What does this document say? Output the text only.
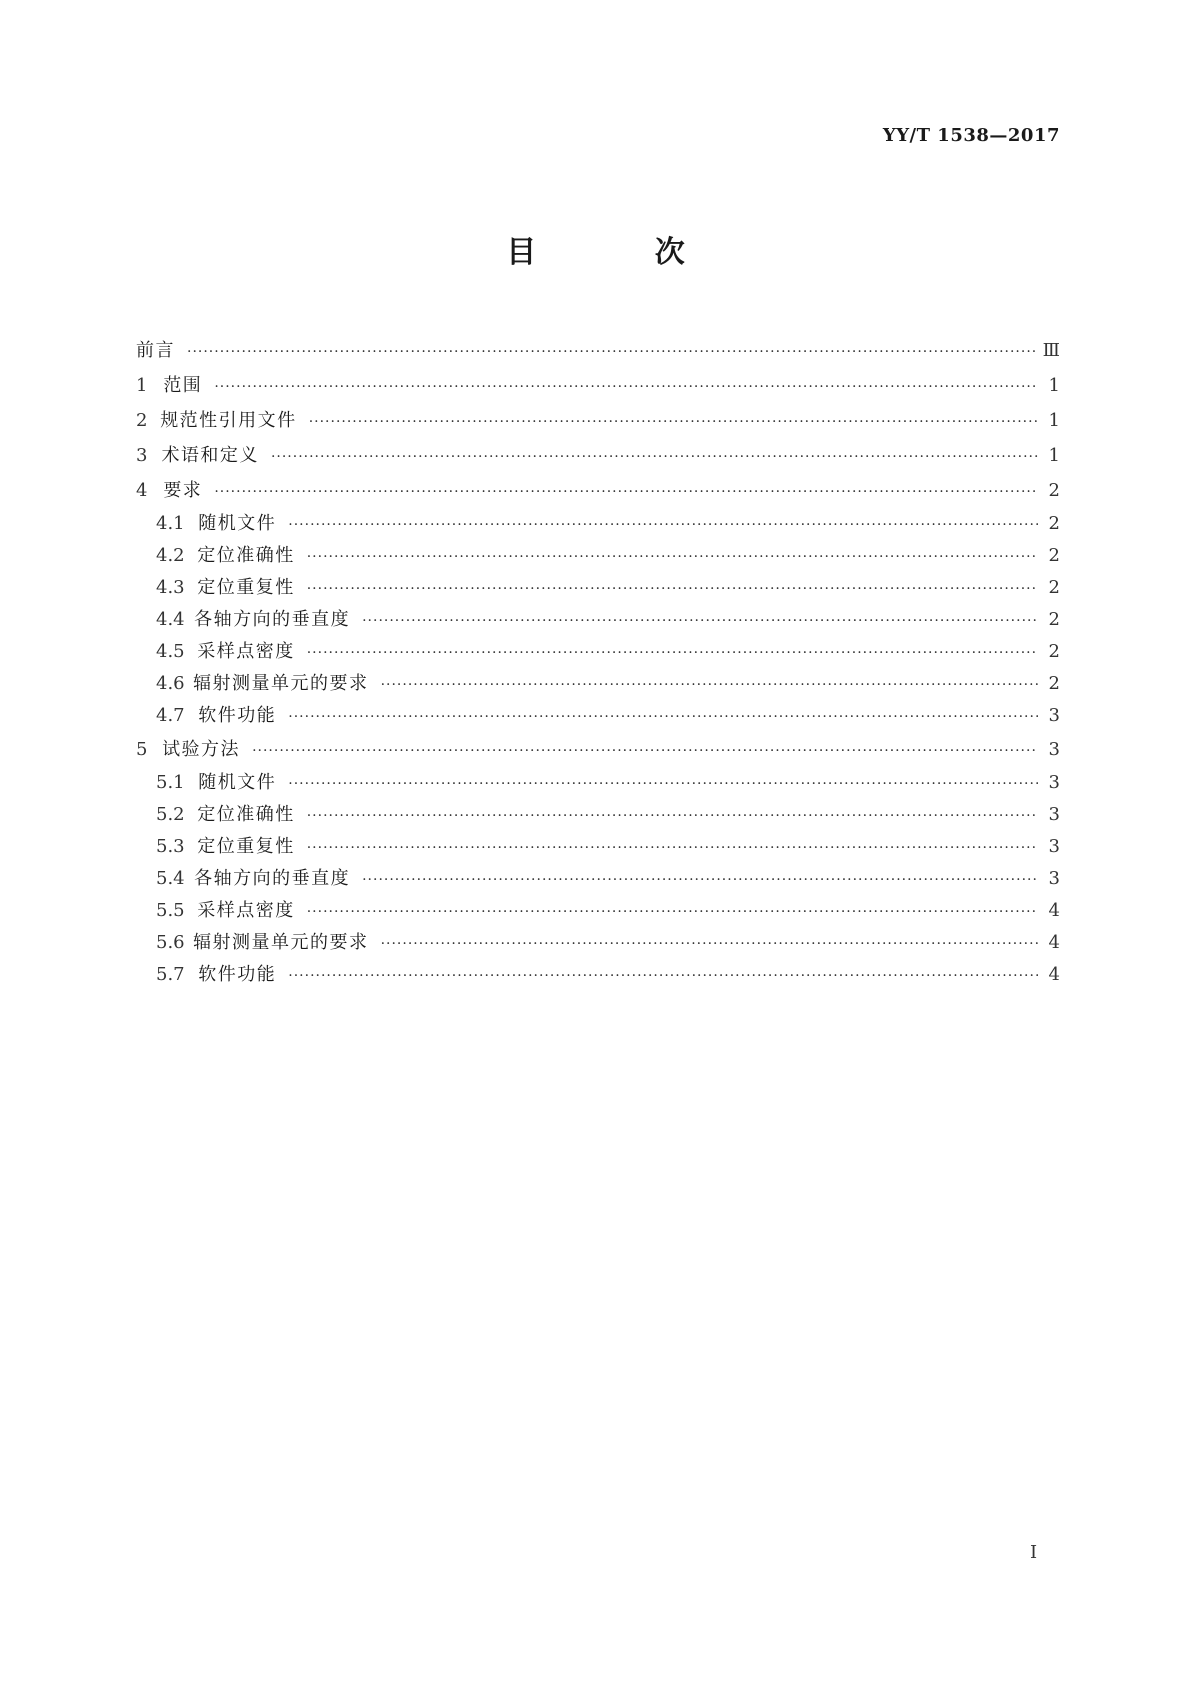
YY/T 1538—2017
目 次
前言 ·····	Ⅲ
1 范围 ·····	1
2 规范性引用文件 ·····	1
3 术语和定义 ·····	1
4 要求 ·····	2
4.1 随机文件 ·····	2
4.2 定位准确性 ·····	2
4.3 定位重复性 ·····	2
4.4 各轴方向的垂直度 ·····	2
4.5 采样点密度 ·····	2
4.6 辐射测量单元的要求 ·····	2
4.7 软件功能 ·····	3
5 试验方法 ·····	3
5.1 随机文件 ·····	3
5.2 定位准确性 ·····	3
5.3 定位重复性 ·····	3
5.4 各轴方向的垂直度 ·····	3
5.5 采样点密度 ·····	4
5.6 辐射测量单元的要求 ·····	4
5.7 软件功能 ·····	4
I
